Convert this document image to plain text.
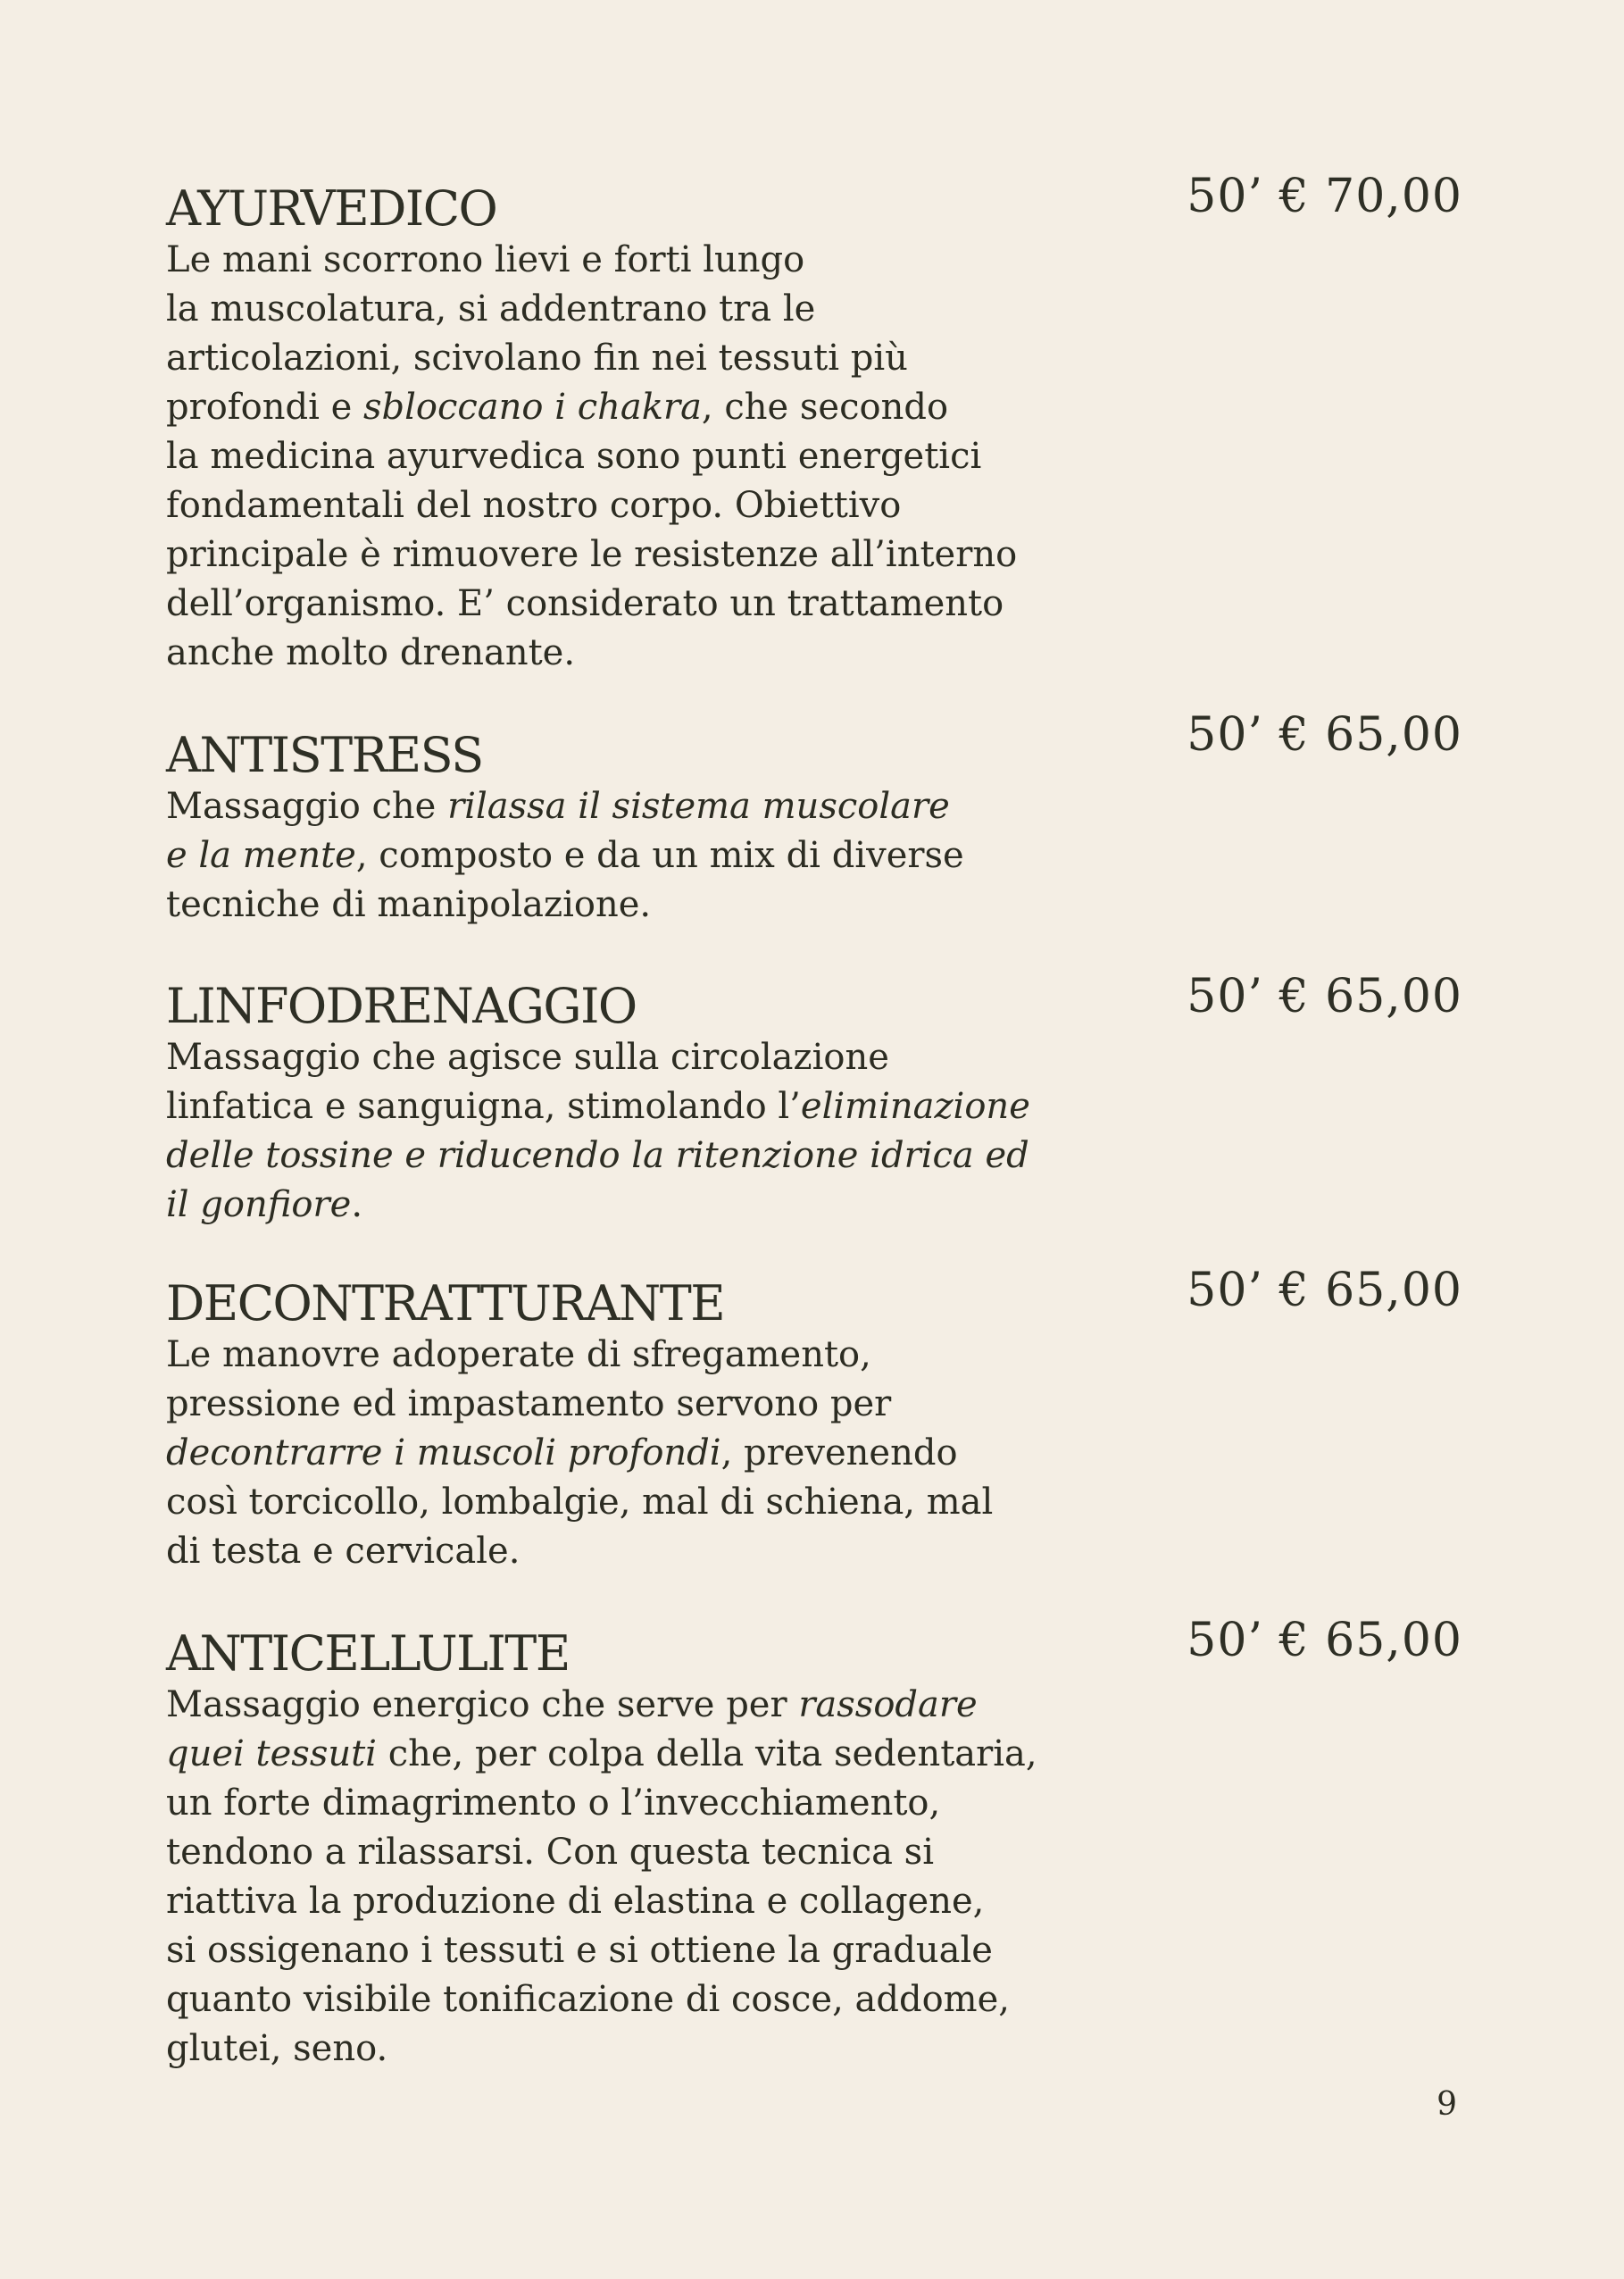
AYURVEDICO

Le mani scorrono lievi e forti lungo
la muscolatura, si addentrano tra le
articolazioni, scivolano fin nei tessuti più
profondi e sbloccano i chakra, che secondo
la medicina ayurvedica sono punti energetici
fondamentali del nostro corpo. Obiettivo
principale è rimuovere le resistenze all’interno
dell’organismo. E’ considerato un trattamento
anche molto drenante.

50’ € 70,00
ANTISTRESS

Massaggio che rilassa il sistema muscolare
e la mente, composto e da un mix di diverse
tecniche di manipolazione.

50’ € 65,00
LINFODRENAGGIO

Massaggio che agisce sulla circolazione
linfatica e sanguigna, stimolando l’eliminazione
delle tossine e riducendo la ritenzione idrica ed
il gonfiore.

50’ € 65,00
DECONTRATTURANTE

Le manovre adoperate di sfregamento,
pressione ed impastamento servono per
decontrarre i muscoli profondi, prevenendo
così torcicollo, lombalgie, mal di schiena, mal
di testa e cervicale.

50’ € 65,00
ANTICELLULITE

Massaggio energico che serve per rassodare
quei tessuti che, per colpa della vita sedentaria,
un forte dimagrimento o l’invecchiamento,
tendono a rilassarsi. Con questa tecnica si
riattiva la produzione di elastina e collagene,
si ossigenano i tessuti e si ottiene la graduale
quanto visibile tonificazione di cosce, addome,
glutei, seno.

50’ € 65,00
9
